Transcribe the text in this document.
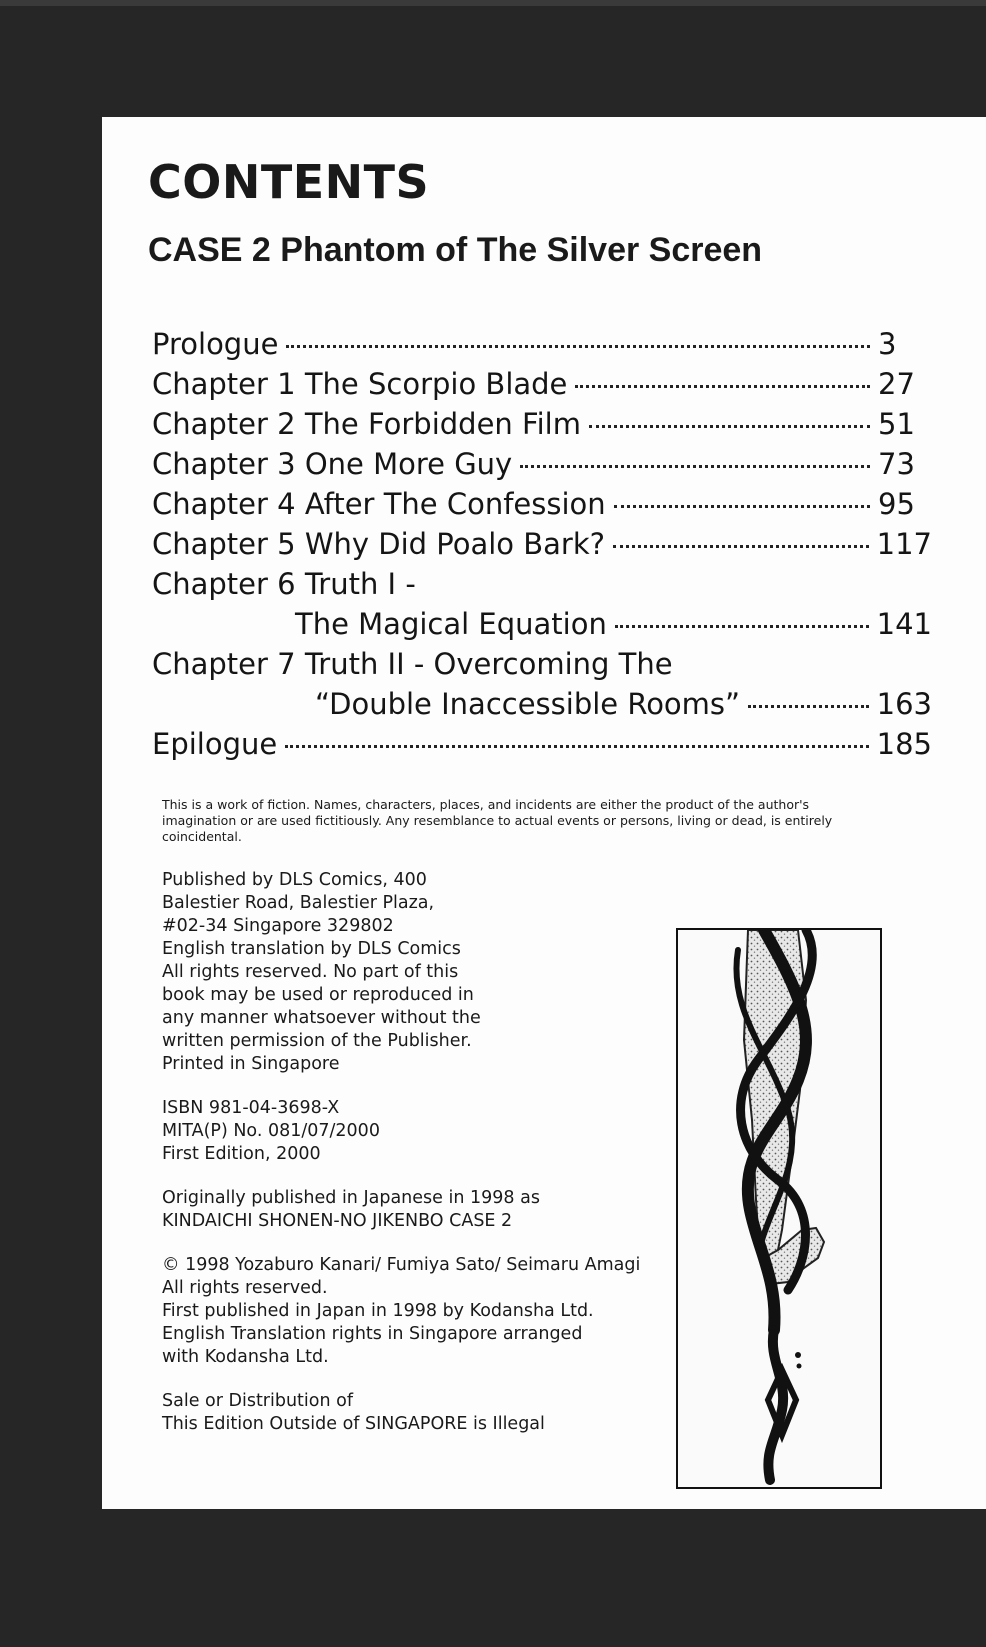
CONTENTS
CASE 2 Phantom of The Silver Screen
Prologue	3
Chapter 1 The Scorpio Blade	27
Chapter 2 The Forbidden Film	51
Chapter 3 One More Guy	73
Chapter 4 After The Confession	95
Chapter 5 Why Did Poalo Bark?	117
Chapter 6 Truth I -
The Magical Equation	141
Chapter 7 Truth II - Overcoming The
“Double Inaccessible Rooms”	163
Epilogue	185

This is a work of fiction. Names, characters, places, and incidents are either the product of the author's imagination or are used fictitiously. Any resemblance to actual events or persons, living or dead, is entirely coincidental.

Published by DLS Comics, 400
Balestier Road, Balestier Plaza,
#02-34 Singapore 329802
English translation by DLS Comics
All rights reserved. No part of this
book may be used or reproduced in
any manner whatsoever without the
written permission of the Publisher.
Printed in Singapore

ISBN 981-04-3698-X
MITA(P) No. 081/07/2000
First Edition, 2000

Originally published in Japanese in 1998 as
KINDAICHI SHONEN-NO JIKENBO CASE 2

© 1998 Yozaburo Kanari/ Fumiya Sato/ Seimaru Amagi
All rights reserved.
First published in Japan in 1998 by Kodansha Ltd.
English Translation rights in Singapore arranged
with Kodansha Ltd.

Sale or Distribution of
This Edition Outside of SINGAPORE is Illegal
